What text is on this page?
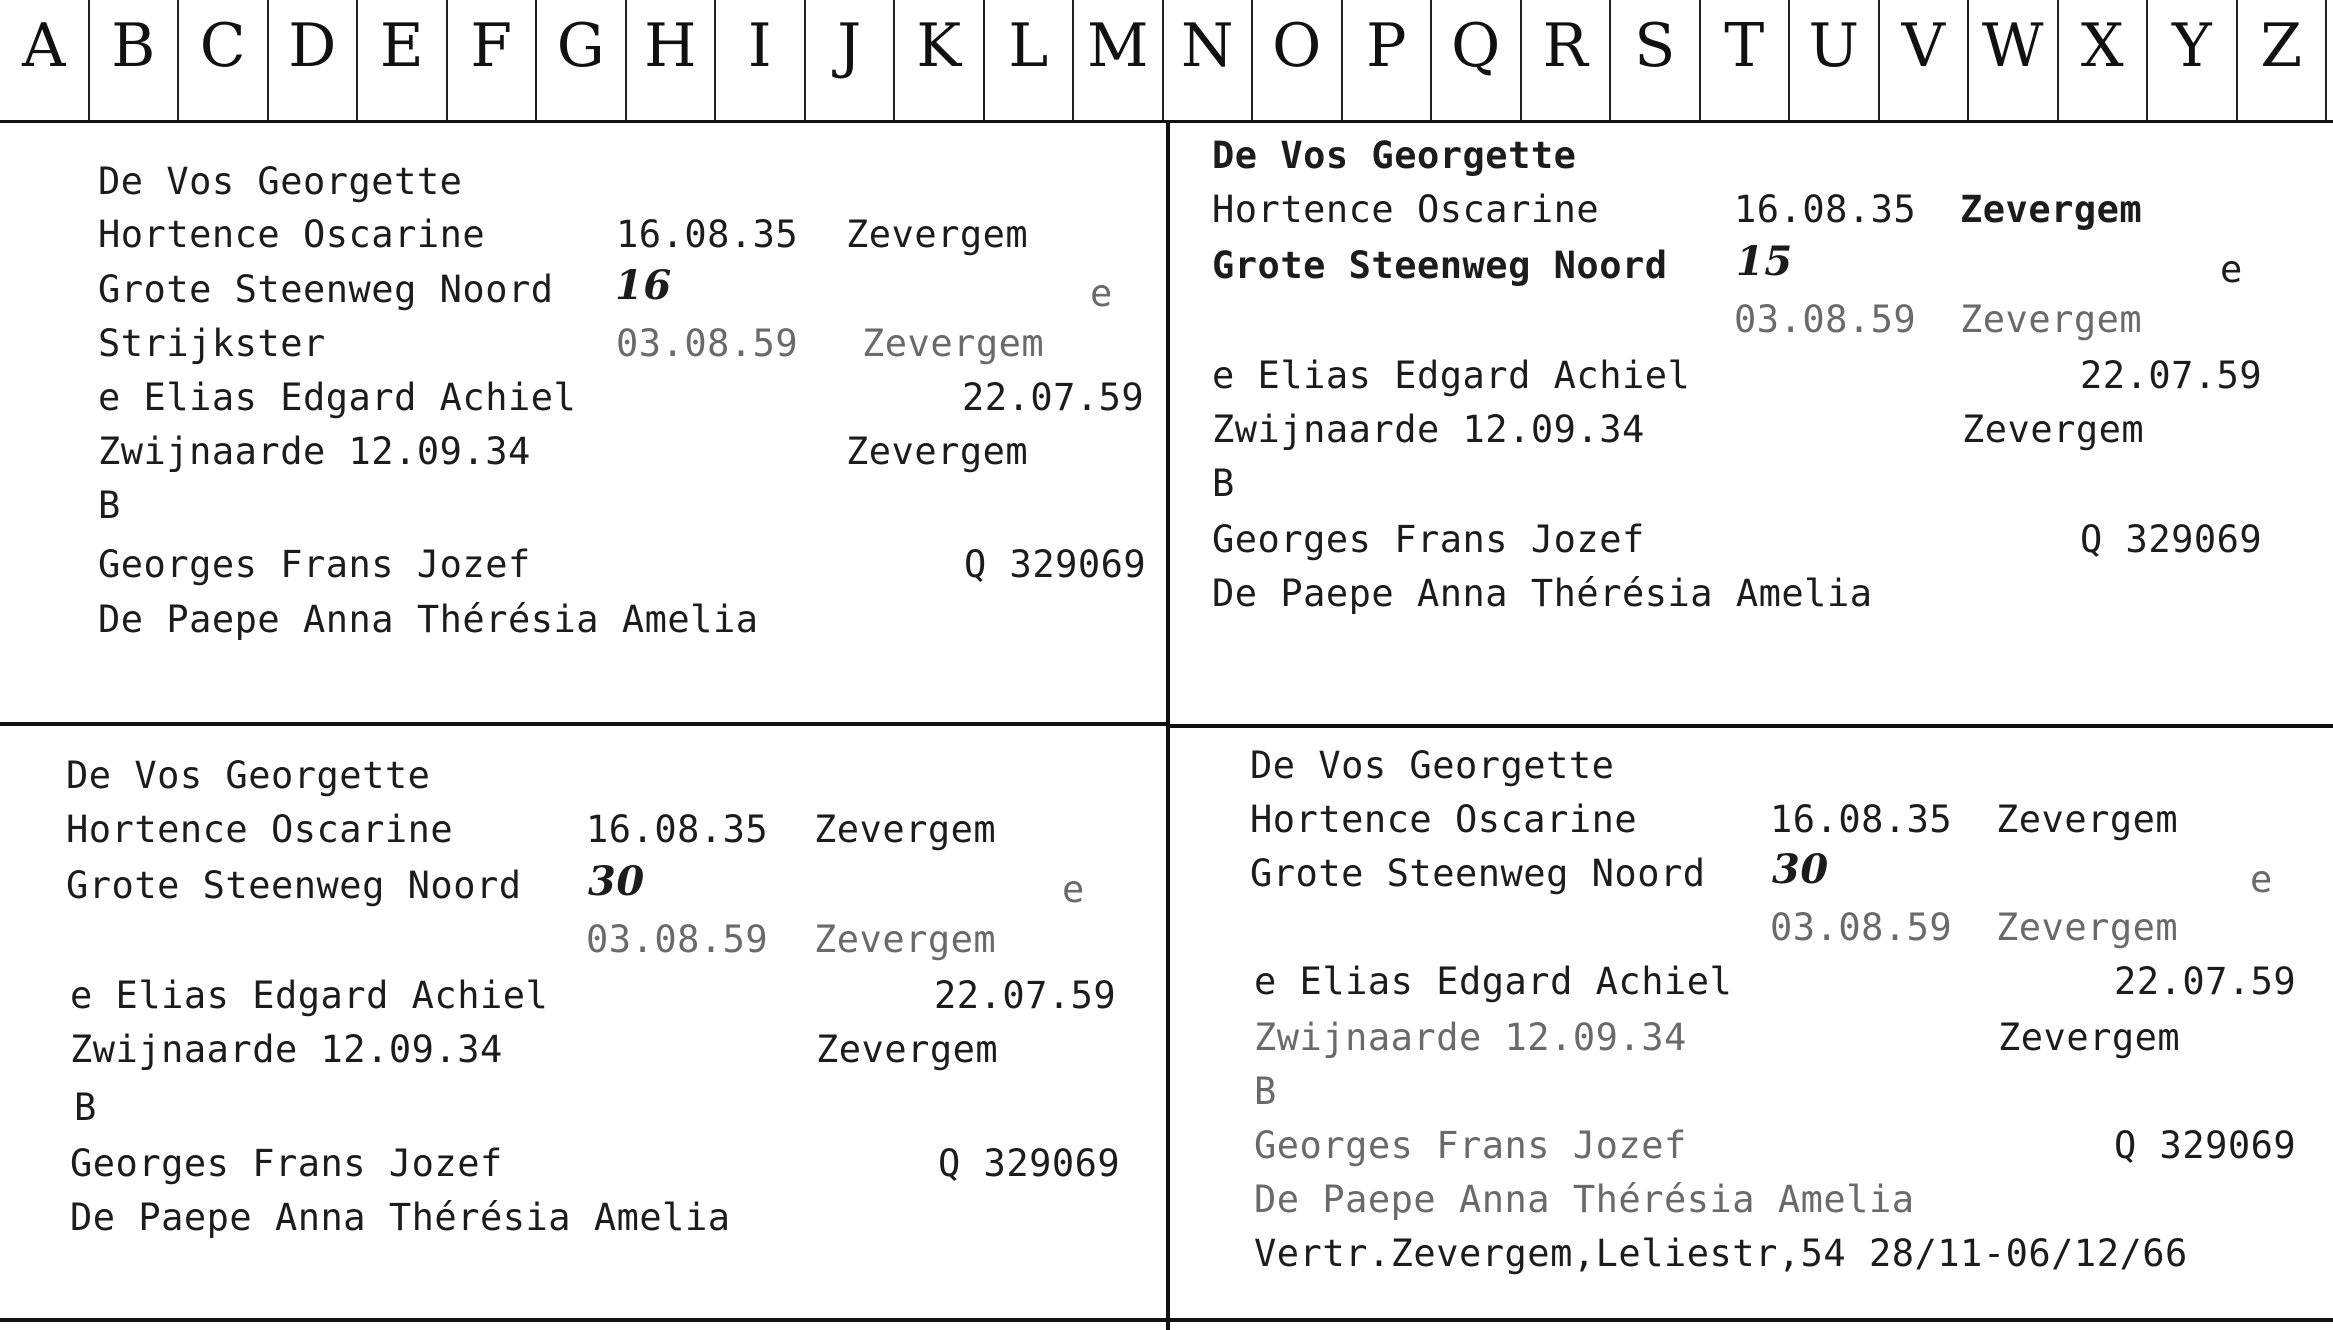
A B C D E F G H I	J K L M N O P Q R S T U V W X Y Z
De Vos Georgette
Hortence Oscarine	16.08.35 Zevergem
Grote Steenweg Noord 16	e
Strijkster	03.08.59 Zevergem
e Elias Edgard Achiel	22.07.59
Zwijnaarde 12.09.34	Zevergem
B
Georges Frans Jozef	Q 329069
De Paepe Anna Thérésia Amelia
De Vos Georgette
Hortence Oscarine	16.08.35 Zevergem
Grote Steenweg Noord 15	e
03.08.59 Zevergem
e Elias Edgard Achiel	22.07.59
Zwijnaarde 12.09.34	Zevergem
B
Georges Frans Jozef	Q 329069
De Paepe Anna Thérésia Amelia
De Vos Georgette
Hortence Oscarine	16.08.35 Zevergem
Grote Steenweg Noord 30	e
03.08.59 Zevergem
e Elias Edgard Achiel	22.07.59
Zwijnaarde 12.09.34	Zevergem
B
Georges Frans Jozef	Q 329069
De Paepe Anna Thérésia Amelia
De Vos Georgette
Hortence Oscarine	16.08.35 Zevergem
Grote Steenweg Noord 30	e
03.08.59 Zevergem
e Elias Edgard Achiel	22.07.59
Zwijnaarde 12.09.34	Zevergem
B
Georges Frans Jozef	Q 329069
De Paepe Anna Thérésia Amelia
Vertr.Zevergem,Leliestr,54 28/11-06/12/66
